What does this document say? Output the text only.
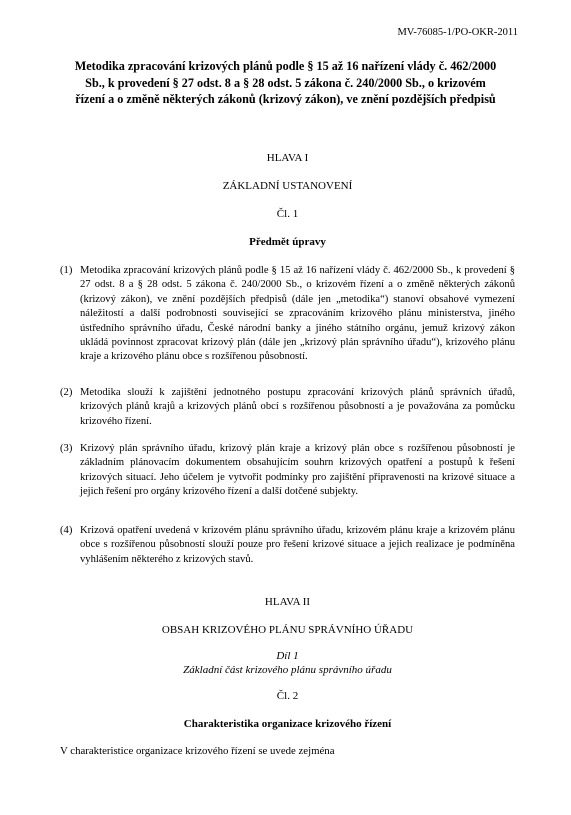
MV-76085-1/PO-OKR-2011
Metodika zpracování krizových plánů podle § 15 až 16 nařízení vlády č. 462/2000 Sb., k provedení § 27 odst. 8 a § 28 odst. 5 zákona č. 240/2000 Sb., o krizovém řízení a o změně některých zákonů (krizový zákon), ve znění pozdějších předpisů
HLAVA I
ZÁKLADNÍ USTANOVENÍ
Čl. 1
Předmět úpravy
(1) Metodika zpracování krizových plánů podle § 15 až 16 nařízení vlády č. 462/2000 Sb., k provedení § 27 odst. 8 a § 28 odst. 5 zákona č. 240/2000 Sb., o krizovém řízení a o změně některých zákonů (krizový zákon), ve znění pozdějších předpisů (dále jen „metodika“) stanoví obsahové vymezení náležitostí a další podrobnosti související se zpracováním krizového plánu ministerstva, jiného ústředního správního úřadu, České národní banky a jiného státního orgánu, jemuž krizový zákon ukládá povinnost zpracovat krizový plán (dále jen „krizový plán správního úřadu“), krizového plánu kraje a krizového plánu obce s rozšířenou působností.
(2) Metodika slouží k zajištění jednotného postupu zpracování krizových plánů správních úřadů, krizových plánů krajů a krizových plánů obcí s rozšířenou působností a je považována za pomůcku krizového řízení.
(3) Krizový plán správního úřadu, krizový plán kraje a krizový plán obce s rozšířenou působností je základním plánovacím dokumentem obsahujícím souhrn krizových opatření a postupů k řešení krizových situací. Jeho účelem je vytvořit podmínky pro zajištění připravenosti na krizové situace a jejich řešení pro orgány krizového řízení a další dotčené subjekty.
(4) Krizová opatření uvedená v krizovém plánu správního úřadu, krizovém plánu kraje a krizovém plánu obce s rozšířenou působností slouží pouze pro řešení krizové situace a jejich realizace je podmíněna vyhlášením některého z krizových stavů.
HLAVA II
OBSAH KRIZOVÉHO PLÁNU SPRÁVNÍHO ÚŘADU
Díl 1
Základní část krizového plánu správního úřadu
Čl. 2
Charakteristika organizace krizového řízení
V charakteristice organizace krizového řízení se uvede zejména
